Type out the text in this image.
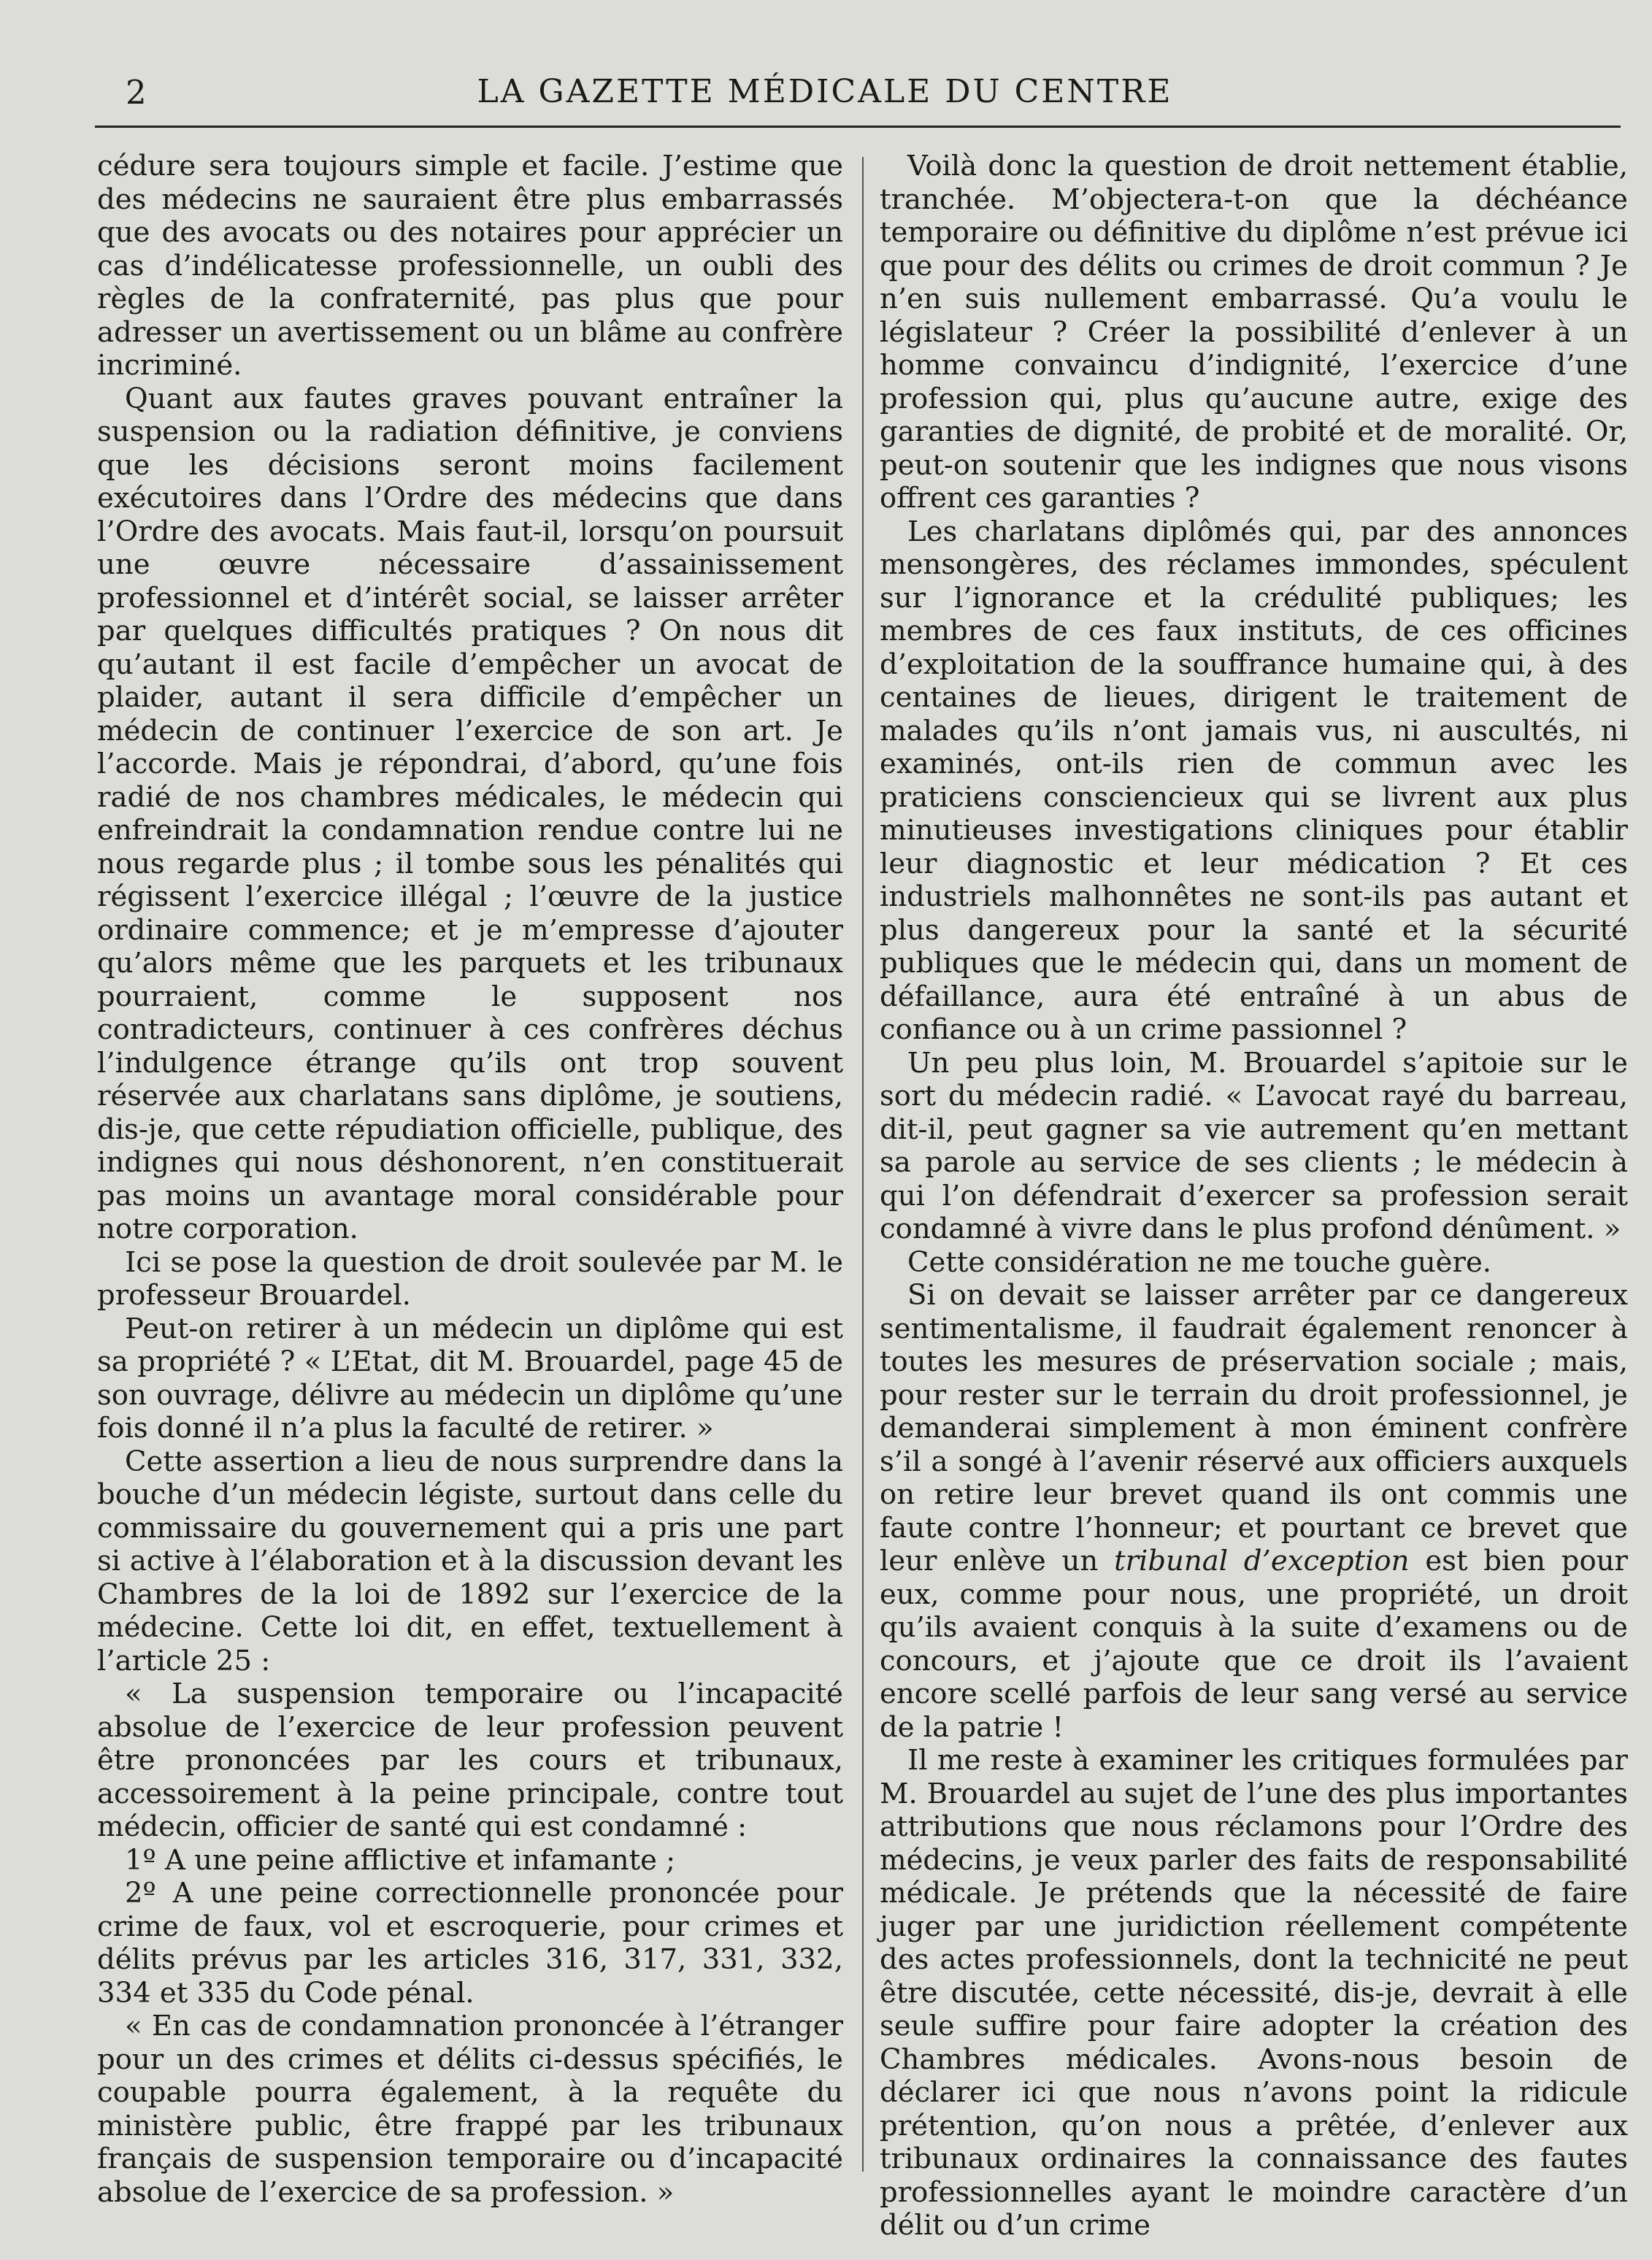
2	LA GAZETTE MÉDICALE DU CENTRE

cédure sera toujours simple et facile. J’estime que des médecins ne sauraient être plus embarrassés que des avocats ou des notaires pour apprécier un cas d’indélicatesse professionnelle, un oubli des règles de la confraternité, pas plus que pour adresser un avertissement ou un blâme au confrère incriminé.

Quant aux fautes graves pouvant entraîner la suspension ou la radiation définitive, je conviens que les décisions seront moins facilement exécutoires dans l’Ordre des médecins que dans l’Ordre des avocats. Mais faut-il, lorsqu’on poursuit une œuvre nécessaire d’assainissement professionnel et d’intérêt social, se laisser arrêter par quelques difficultés pratiques ? On nous dit qu’autant il est facile d’empêcher un avocat de plaider, autant il sera difficile d’empêcher un médecin de continuer l’exercice de son art. Je l’accorde. Mais je répondrai, d’abord, qu’une fois radié de nos chambres médicales, le médecin qui enfreindrait la condamnation rendue contre lui ne nous regarde plus ; il tombe sous les pénalités qui régissent l’exercice illégal ; l’œuvre de la justice ordinaire commence; et je m’empresse d’ajouter qu’alors même que les parquets et les tribunaux pourraient, comme le supposent nos contradicteurs, continuer à ces confrères déchus l’indulgence étrange qu’ils ont trop souvent réservée aux charlatans sans diplôme, je soutiens, dis-je, que cette répudiation officielle, publique, des indignes qui nous déshonorent, n’en constituerait pas moins un avantage moral considérable pour notre corporation.

Ici se pose la question de droit soulevée par M. le professeur Brouardel.

Peut-on retirer à un médecin un diplôme qui est sa propriété ? « L’Etat, dit M. Brouardel, page 45 de son ouvrage, délivre au médecin un diplôme qu’une fois donné il n’a plus la faculté de retirer. »

Cette assertion a lieu de nous surprendre dans la bouche d’un médecin légiste, surtout dans celle du commissaire du gouvernement qui a pris une part si active à l’élaboration et à la discussion devant les Chambres de la loi de 1892 sur l’exercice de la médecine. Cette loi dit, en effet, textuellement à l’article 25 :

« La suspension temporaire ou l’incapacité absolue de l’exercice de leur profession peuvent être prononcées par les cours et tribunaux, accessoirement à la peine principale, contre tout médecin, officier de santé qui est condamné :

1º A une peine afflictive et infamante ;

2º A une peine correctionnelle prononcée pour crime de faux, vol et escroquerie, pour crimes et délits prévus par les articles 316, 317, 331, 332, 334 et 335 du Code pénal.

« En cas de condamnation prononcée à l’étranger pour un des crimes et délits ci-dessus spécifiés, le coupable pourra également, à la requête du ministère public, être frappé par les tribunaux français de suspension temporaire ou d’incapacité absolue de l’exercice de sa profession. »

Voilà donc la question de droit nettement établie, tranchée. M’objectera-t-on que la déchéance temporaire ou définitive du diplôme n’est prévue ici que pour des délits ou crimes de droit commun ? Je n’en suis nullement embarrassé. Qu’a voulu le législateur ? Créer la possibilité d’enlever à un homme convaincu d’indignité, l’exercice d’une profession qui, plus qu’aucune autre, exige des garanties de dignité, de probité et de moralité. Or, peut-on soutenir que les indignes que nous visons offrent ces garanties ?

Les charlatans diplômés qui, par des annonces mensongères, des réclames immondes, spéculent sur l’ignorance et la crédulité publiques; les membres de ces faux instituts, de ces officines d’exploitation de la souffrance humaine qui, à des centaines de lieues, dirigent le traitement de malades qu’ils n’ont jamais vus, ni auscultés, ni examinés, ont-ils rien de commun avec les praticiens consciencieux qui se livrent aux plus minutieuses investigations cliniques pour établir leur diagnostic et leur médication ? Et ces industriels malhonnêtes ne sont-ils pas autant et plus dangereux pour la santé et la sécurité publiques que le médecin qui, dans un moment de défaillance, aura été entraîné à un abus de confiance ou à un crime passionnel ?

Un peu plus loin, M. Brouardel s’apitoie sur le sort du médecin radié. « L’avocat rayé du barreau, dit-il, peut gagner sa vie autrement qu’en mettant sa parole au service de ses clients ; le médecin à qui l’on défendrait d’exercer sa profession serait condamné à vivre dans le plus profond dénûment. »

Cette considération ne me touche guère.

Si on devait se laisser arrêter par ce dangereux sentimentalisme, il faudrait également renoncer à toutes les mesures de préservation sociale ; mais, pour rester sur le terrain du droit professionnel, je demanderai simplement à mon éminent confrère s’il a songé à l’avenir réservé aux officiers auxquels on retire leur brevet quand ils ont commis une faute contre l’honneur; et pourtant ce brevet que leur enlève un tribunal d’exception est bien pour eux, comme pour nous, une propriété, un droit qu’ils avaient conquis à la suite d’examens ou de concours, et j’ajoute que ce droit ils l’avaient encore scellé parfois de leur sang versé au service de la patrie !

Il me reste à examiner les critiques formulées par M. Brouardel au sujet de l’une des plus importantes attributions que nous réclamons pour l’Ordre des médecins, je veux parler des faits de responsabilité médicale. Je prétends que la nécessité de faire juger par une juridiction réellement compétente des actes professionnels, dont la technicité ne peut être discutée, cette nécessité, dis-je, devrait à elle seule suffire pour faire adopter la création des Chambres médicales. Avons-nous besoin de déclarer ici que nous n’avons point la ridicule prétention, qu’on nous a prêtée, d’enlever aux tribunaux ordinaires la connaissance des fautes professionnelles ayant le moindre caractère d’un délit ou d’un crime
